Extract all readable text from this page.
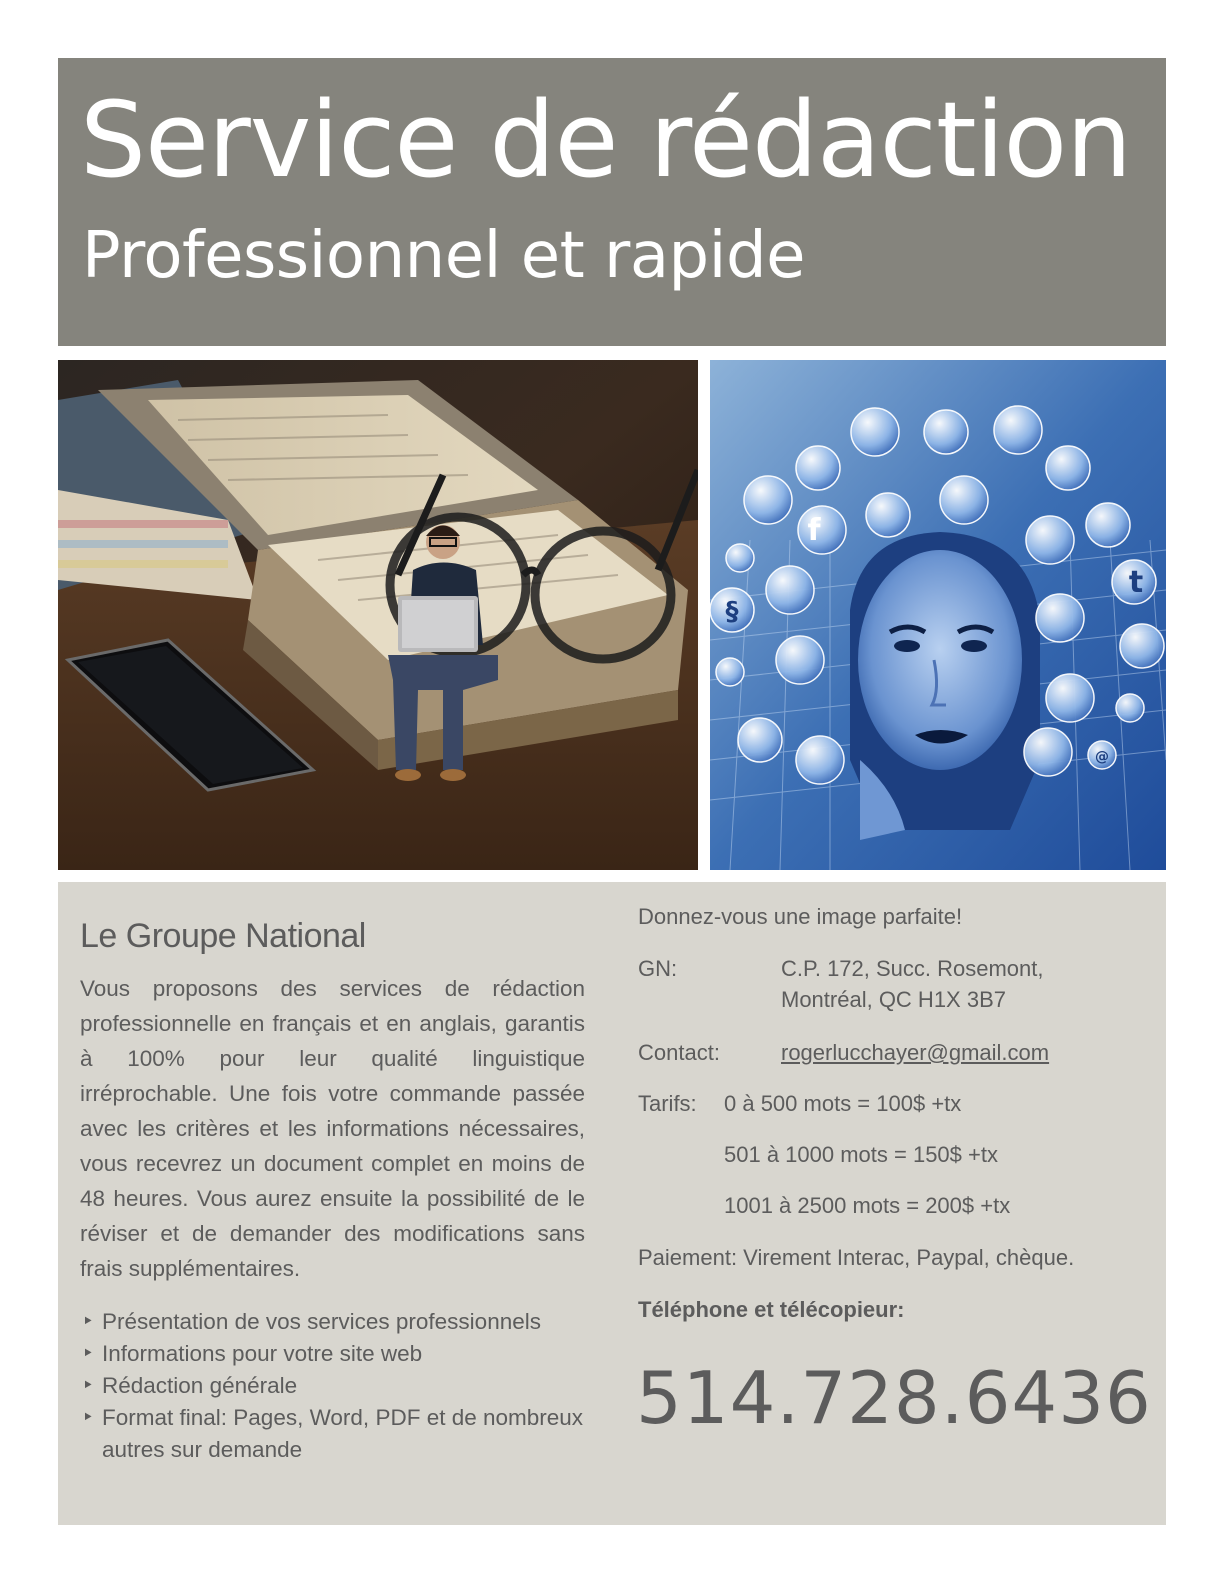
Service de rédaction
Professionnel et rapide
f
t
§
@
Le Groupe National

Vous proposons des services de rédaction professionnelle en français et en anglais, garantis à 100% pour leur qualité linguistique irréprochable. Une fois votre commande passée avec les critères et les informations nécessaires, vous recevrez un document complet en moins de 48 heures. Vous aurez ensuite la possibilité de le réviser et de demander des modifications sans frais supplémentaires.

‣ Présentation de vos services professionnels
‣ Informations pour votre site web
‣ Rédaction générale
‣ Format final: Pages, Word, PDF et de nombreux autres sur demande
Donnez-vous une image parfaite!
GN:	C.P. 172, Succ. Rosemont,
Montréal, QC H1X 3B7
Contact:	rogerlucchayer@gmail.com
Tarifs: 0 à 500 mots = 100$ +tx
501 à 1000 mots = 150$ +tx
1001 à 2500 mots = 200$ +tx
Paiement: Virement Interac, Paypal, chèque.
Téléphone et télécopieur:

514.728.6436
